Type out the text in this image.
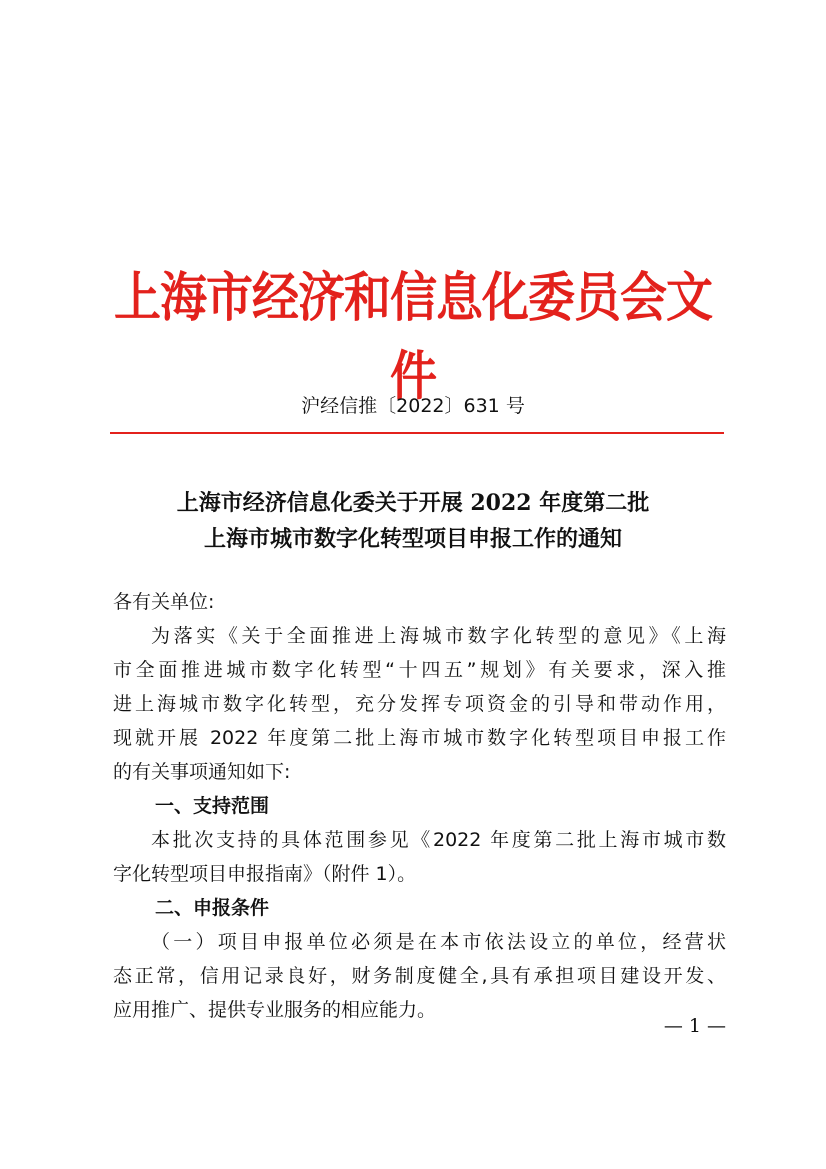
上海市经济和信息化委员会文件
沪经信推〔2022〕631 号
上海市经济信息化委关于开展 2022 年度第二批
上海市城市数字化转型项目申报工作的通知
各有关单位:
为落实《关于全面推进上海城市数字化转型的意见》《上海
市全面推进城市数字化转型“十四五”规划》有关要求，深入推
进上海城市数字化转型，充分发挥专项资金的引导和带动作用，
现就开展 2022 年度第二批上海市城市数字化转型项目申报工作
的有关事项通知如下:
一、支持范围
本批次支持的具体范围参见《2022 年度第二批上海市城市数
字化转型项目申报指南》（附件 1）。
二、申报条件
（一）项目申报单位必须是在本市依法设立的单位，经营状
态正常，信用记录良好，财务制度健全,具有承担项目建设开发、
应用推广、提供专业服务的相应能力。
— 1 —
